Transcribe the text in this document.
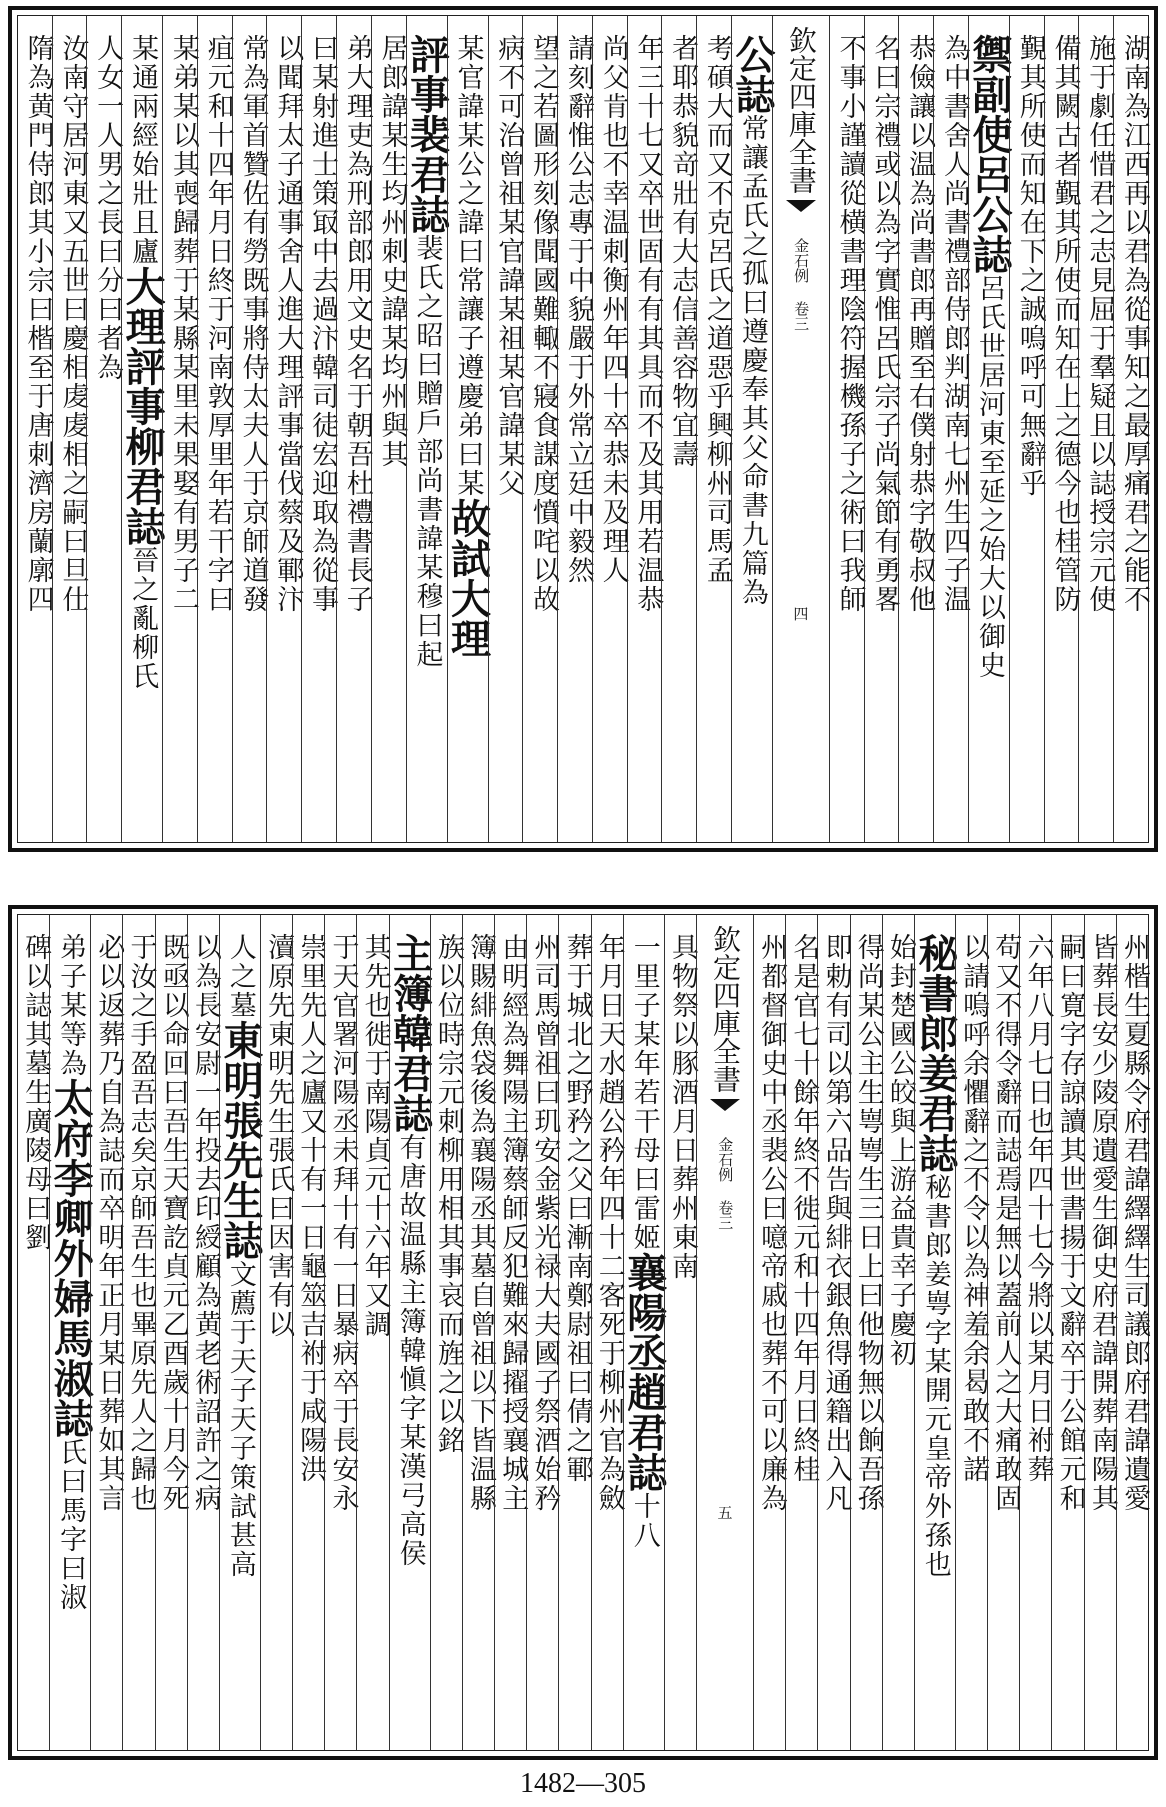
湖南為江西再以君為從事知之最厚痛君之能不
施于劇任惜君之志見屈于羣疑且以誌授宗元使
備其闕古者覲其所使而知在上之德今也桂管防
覲其所使而知在下之誠嗚呼可無辭乎
禦副使呂公誌呂氏世居河東至延之始大以御史
為中書舍人尚書禮部侍郎判湖南七州生四子温
恭儉讓以温為尚書郎再贈至右僕射恭字敬叔他
名曰宗禮或以為字實惟呂氏宗子尚氣節有勇畧
不事小謹讀從横書理陰符握機孫子之術曰我師
欽定四庫全書
金石例 卷三
四
公誌常讓孟氏之孤曰遵慶奉其父命書九篇為
考碩大而又不克呂氏之道惡乎興柳州司馬孟
者耶恭貌竒壯有大志信善容物宜壽
年三十七又卒世固有有其具而不及其用若温恭
尚父肯也不幸温刺衡州年四十卒恭未及理人
請刻辭惟公志專于中貌嚴于外常立廷中毅然
望之若圖形刻像聞國難輙不寢食謀度憤咤以故
病不可治曾祖某官諱某祖某官諱某父
某官諱某公之諱曰常讓子遵慶弟曰某故試大理
評事裴君誌裴氏之昭曰贈戶部尚書諱某穆曰起
居郎諱某生均州刺史諱某均州與其
弟大理吏為刑部郎用文史名于朝吾杜禮書長子
曰某射進士策冣中去過汴韓司徒宏迎取為從事
以聞拜太子通事舍人進大理評事當伐蔡及鄆汴
常為軍首贊佐有勞既事將侍太夫人于京師道發
疽元和十四年月日終于河南敦厚里年若干字曰
某弟某以其喪歸葬于某縣某里未果娶有男子二
某通兩經始壯且廬大理評事柳君誌晉之亂柳氏
人女一人男之長曰分曰者為
汝南守居河東又五世曰慶相䖍䖍相之嗣曰旦仕
隋為黄門侍郎其小宗曰楷至于唐刺濟房蘭廓四
州楷生夏縣令府君諱繹繹生司議郎府君諱遺愛
皆葬長安少陵原遺愛生御史府君諱開葬南陽其
嗣曰寛字存諒讀其世書揚于文辭卒于公館元和
六年八月七日也年四十七今將以某月日祔葬
苟又不得令辭而誌焉是無以蓋前人之大痛敢固
以請嗚呼余懼辭之不令以為神羞余曷敢不諾
秘書郎姜君誌秘書郎姜㟧字某開元皇帝外孫也
始封楚國公皎與上游益貴幸子慶初
得尚某公主生㟧㟧生三日上曰他物無以餉吾孫
即勅有司以第六品告與緋衣銀魚得通籍出入凡
名是官七十餘年終不徙元和十四年月日終桂
州都督御史中丞裴公曰噫帝戚也葬不可以廉為
欽定四庫全書
金石例 卷三
五
具物祭以豚酒月日葬州東南
一里子某年若干母曰雷姬襄陽丞趙君誌十八
年月日天水趙公矜年四十二客死于柳州官為斂
葬于城北之野矜之父曰漸南鄭尉祖曰倩之鄆
州司馬曾祖曰玑安金紫光禄大夫國子祭酒始矜
由明經為舞陽主簿蔡師反犯難來歸擢授襄城主
簿賜緋魚袋後為襄陽丞其墓自曾祖以下皆温縣
族以位時宗元刺柳用相其事哀而旌之以銘
主簿韓君誌有唐故温縣主簿韓愼字某漢弓高侯
其先也徙于南陽貞元十六年又調
于天官署河陽丞未拜十有一日暴病卒于長安永
崇里先人之廬又十有一日龜筮吉祔于咸陽洪
瀆原先東明先生張氏曰因害有以
人之墓東明張先生誌文薦于天子天子策試甚高
以為長安尉一年投去印綬顧為黄老術詔許之病
既亟以命回曰吾生天寶訖貞元乙酉歲十月今死
于汝之手盈吾志矣京師吾生也畢原先人之歸也
必以返葬乃自為誌而卒明年正月某日葬如其言
弟子某等為太府李卿外婦馬淑誌氏曰馬字曰淑
碑以誌其墓生廣陵母曰劉
1482—305
